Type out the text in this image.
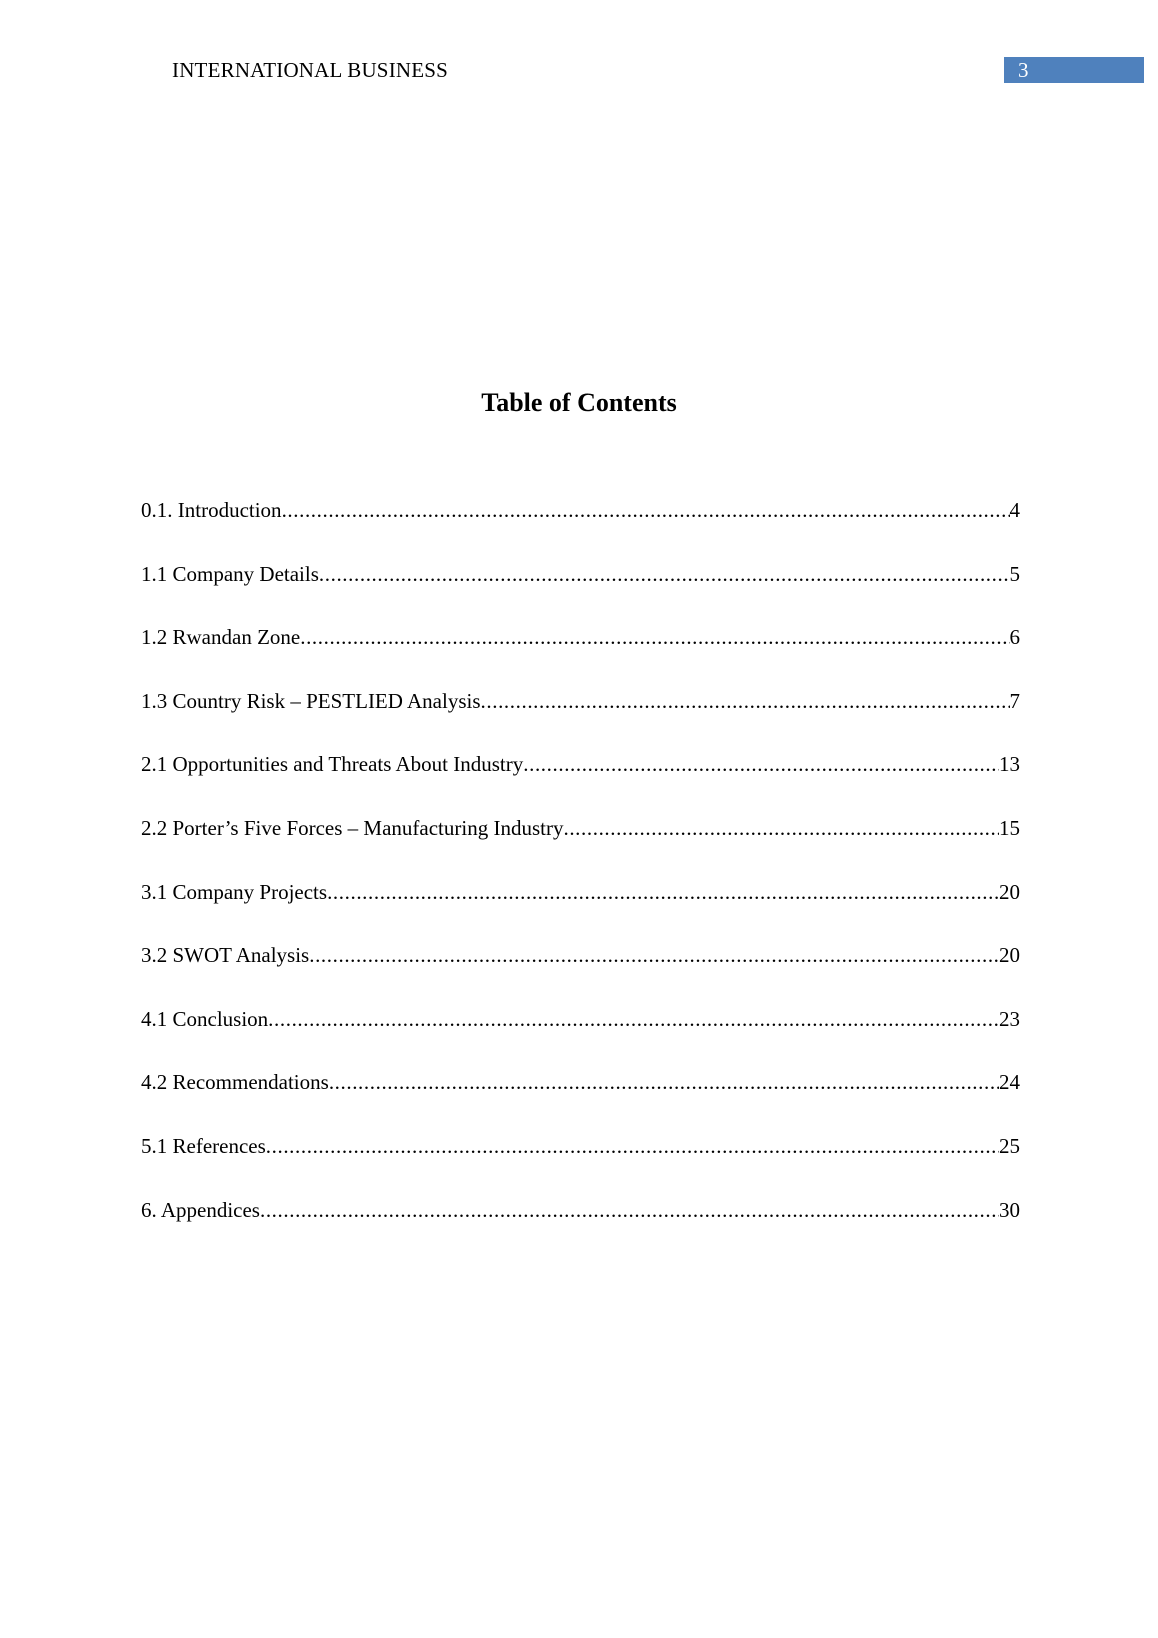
INTERNATIONAL BUSINESS	3
Table of Contents
0.1. Introduction .....	4
1.1 Company Details .....	5
1.2 Rwandan Zone .....	6
1.3 Country Risk – PESTLIED Analysis .....	7
2.1 Opportunities and Threats About Industry .....	13
2.2 Porter’s Five Forces – Manufacturing Industry .....	15
3.1 Company Projects .....	20
3.2 SWOT Analysis .....	20
4.1 Conclusion .....	23
4.2 Recommendations .....	24
5.1 References .....	25
6. Appendices .....	30
